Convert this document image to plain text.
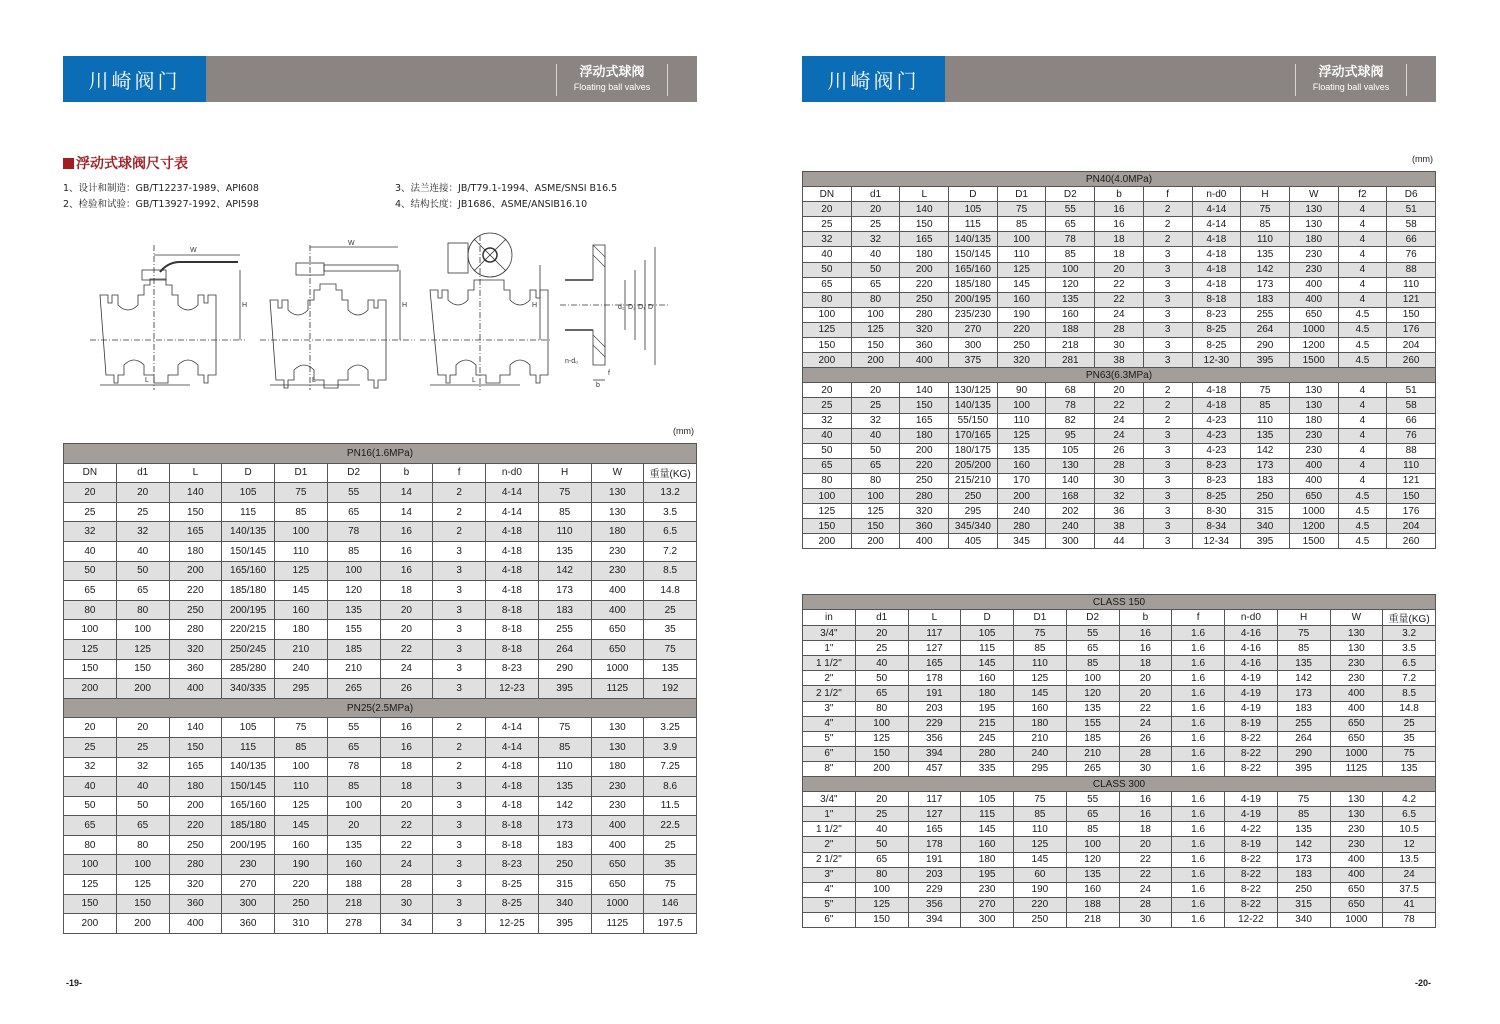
川崎阀门	浮动式球阀
Floating ball valves
浮动式球阀尺寸表
1、设计和制造：GB/T12237-1989、API608
2、检验和试验：GB/T13927-1992、API598
3、法兰连接：JB/T79.1-1994、ASME/SNSI B16.5
4、结构长度：JB1686、ASME/ANSIB16.10
W
H
L
W
H
L
H
L
d₁ D₂ D₁ D
n-d₀
f
b
(mm)
PN16(1.6MPa)											
DN	d1	L	D	D1	D2	b	f	n-d0	H	W	重量(KG)
20	20	140	105	75	55	14	2	4-14	75	130	13.2
25	25	150	115	85	65	14	2	4-14	85	130	3.5
32	32	165	140/135	100	78	16	2	4-18	110	180	6.5
40	40	180	150/145	110	85	16	3	4-18	135	230	7.2
50	50	200	165/160	125	100	16	3	4-18	142	230	8.5
65	65	220	185/180	145	120	18	3	4-18	173	400	14.8
80	80	250	200/195	160	135	20	3	8-18	183	400	25
100	100	280	220/215	180	155	20	3	8-18	255	650	35
125	125	320	250/245	210	185	22	3	8-18	264	650	75
150	150	360	285/280	240	210	24	3	8-23	290	1000	135
200	200	400	340/335	295	265	26	3	12-23	395	1125	192
PN25(2.5MPa)											
20	20	140	105	75	55	16	2	4-14	75	130	3.25
25	25	150	115	85	65	16	2	4-14	85	130	3.9
32	32	165	140/135	100	78	18	2	4-18	110	180	7.25
40	40	180	150/145	110	85	18	3	4-18	135	230	8.6
50	50	200	165/160	125	100	20	3	4-18	142	230	11.5
65	65	220	185/180	145	20	22	3	8-18	173	400	22.5
80	80	250	200/195	160	135	22	3	8-18	183	400	25
100	100	280	230	190	160	24	3	8-23	250	650	35
125	125	320	270	220	188	28	3	8-25	315	650	75
150	150	360	300	250	218	30	3	8-25	340	1000	146
200	200	400	360	310	278	34	3	12-25	395	1125	197.5
-19-
川崎阀门	浮动式球阀
Floating ball valves
(mm)
PN40(4.0MPa)												
DN	d1	L	D	D1	D2	b	f	n-d0	H	W	f2	D6
20	20	140	105	75	55	16	2	4-14	75	130	4	51
25	25	150	115	85	65	16	2	4-14	85	130	4	58
32	32	165	140/135	100	78	18	2	4-18	110	180	4	66
40	40	180	150/145	110	85	18	3	4-18	135	230	4	76
50	50	200	165/160	125	100	20	3	4-18	142	230	4	88
65	65	220	185/180	145	120	22	3	4-18	173	400	4	110
80	80	250	200/195	160	135	22	3	8-18	183	400	4	121
100	100	280	235/230	190	160	24	3	8-23	255	650	4.5	150
125	125	320	270	220	188	28	3	8-25	264	1000	4.5	176
150	150	360	300	250	218	30	3	8-25	290	1200	4.5	204
200	200	400	375	320	281	38	3	12-30	395	1500	4.5	260
PN63(6.3MPa)												
20	20	140	130/125	90	68	20	2	4-18	75	130	4	51
25	25	150	140/135	100	78	22	2	4-18	85	130	4	58
32	32	165	55/150	110	82	24	2	4-23	110	180	4	66
40	40	180	170/165	125	95	24	3	4-23	135	230	4	76
50	50	200	180/175	135	105	26	3	4-23	142	230	4	88
65	65	220	205/200	160	130	28	3	8-23	173	400	4	110
80	80	250	215/210	170	140	30	3	8-23	183	400	4	121
100	100	280	250	200	168	32	3	8-25	250	650	4.5	150
125	125	320	295	240	202	36	3	8-30	315	1000	4.5	176
150	150	360	345/340	280	240	38	3	8-34	340	1200	4.5	204
200	200	400	405	345	300	44	3	12-34	395	1500	4.5	260
CLASS 150											
in	d1	L	D	D1	D2	b	f	n-d0	H	W	重量(KG)
3/4"	20	117	105	75	55	16	1.6	4-16	75	130	3.2
1"	25	127	115	85	65	16	1.6	4-16	85	130	3.5
1 1/2"	40	165	145	110	85	18	1.6	4-16	135	230	6.5
2"	50	178	160	125	100	20	1.6	4-19	142	230	7.2
2 1/2"	65	191	180	145	120	20	1.6	4-19	173	400	8.5
3"	80	203	195	160	135	22	1.6	4-19	183	400	14.8
4"	100	229	215	180	155	24	1.6	8-19	255	650	25
5"	125	356	245	210	185	26	1.6	8-22	264	650	35
6"	150	394	280	240	210	28	1.6	8-22	290	1000	75
8"	200	457	335	295	265	30	1.6	8-22	395	1125	135
CLASS 300											
3/4"	20	117	105	75	55	16	1.6	4-19	75	130	4.2
1"	25	127	115	85	65	16	1.6	4-19	85	130	6.5
1 1/2"	40	165	145	110	85	18	1.6	4-22	135	230	10.5
2"	50	178	160	125	100	20	1.6	8-19	142	230	12
2 1/2"	65	191	180	145	120	22	1.6	8-22	173	400	13.5
3"	80	203	195	60	135	22	1.6	8-22	183	400	24
4"	100	229	230	190	160	24	1.6	8-22	250	650	37.5
5"	125	356	270	220	188	28	1.6	8-22	315	650	41
6"	150	394	300	250	218	30	1.6	12-22	340	1000	78
-20-
